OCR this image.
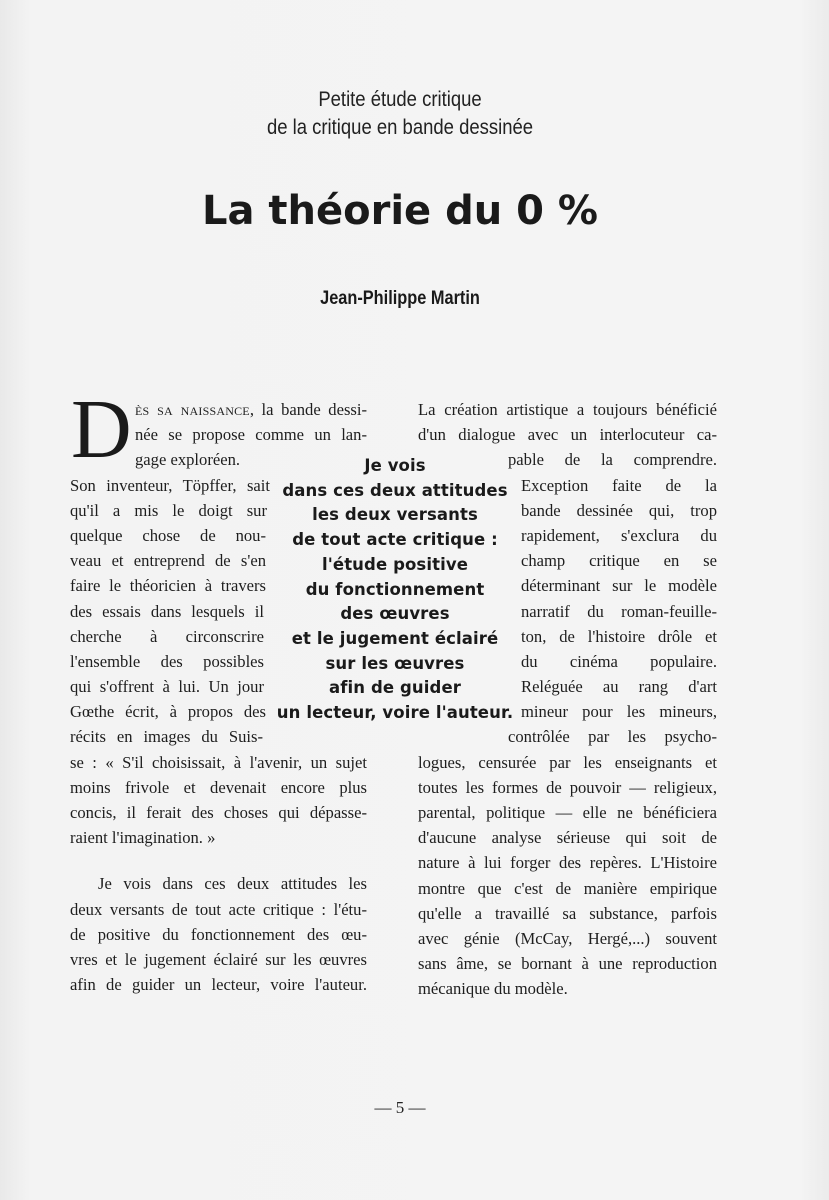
Petite étude critique
de la critique en bande dessinée
La théorie du 0 %
Jean-Philippe Martin
D ès sa naissance, la bande dessi-
née se propose comme un lan-
gage exploréen.
Son inventeur, Töpffer, sait
qu'il a mis le doigt sur
quelque chose de nou-
veau et entreprend de s'en
faire le théoricien à travers
des essais dans lesquels il
cherche à circonscrire
l'ensemble des possibles
qui s'offrent à lui. Un jour
Gœthe écrit, à propos des
récits en images du Suis-
se : « S'il choisissait, à l'avenir, un sujet
moins frivole et devenait encore plus
concis, il ferait des choses qui dépasse-
raient l'imagination. »
Je vois dans ces deux attitudes les
deux versants de tout acte critique : l'étu-
de positive du fonctionnement des œu-
vres et le jugement éclairé sur les œuvres
afin de guider un lecteur, voire l'auteur.
Je vois
dans ces deux attitudes
les deux versants
de tout acte critique :
l'étude positive
du fonctionnement
des œuvres
et le jugement éclairé
sur les œuvres
afin de guider
un lecteur, voire l'auteur.
La création artistique a toujours bénéficié
d'un dialogue avec un interlocuteur ca-
pable de la comprendre.
Exception faite de la
bande dessinée qui, trop
rapidement, s'exclura du
champ critique en se
déterminant sur le modèle
narratif du roman-feuille-
ton, de l'histoire drôle et
du cinéma populaire.
Reléguée au rang d'art
mineur pour les mineurs,
contrôlée par les psycho-
logues, censurée par les enseignants et
toutes les formes de pouvoir — religieux,
parental, politique — elle ne bénéficiera
d'aucune analyse sérieuse qui soit de
nature à lui forger des repères. L'Histoire
montre que c'est de manière empirique
qu'elle a travaillé sa substance, parfois
avec génie (McCay, Hergé,...) souvent
sans âme, se bornant à une reproduction
mécanique du modèle.
— 5 —
